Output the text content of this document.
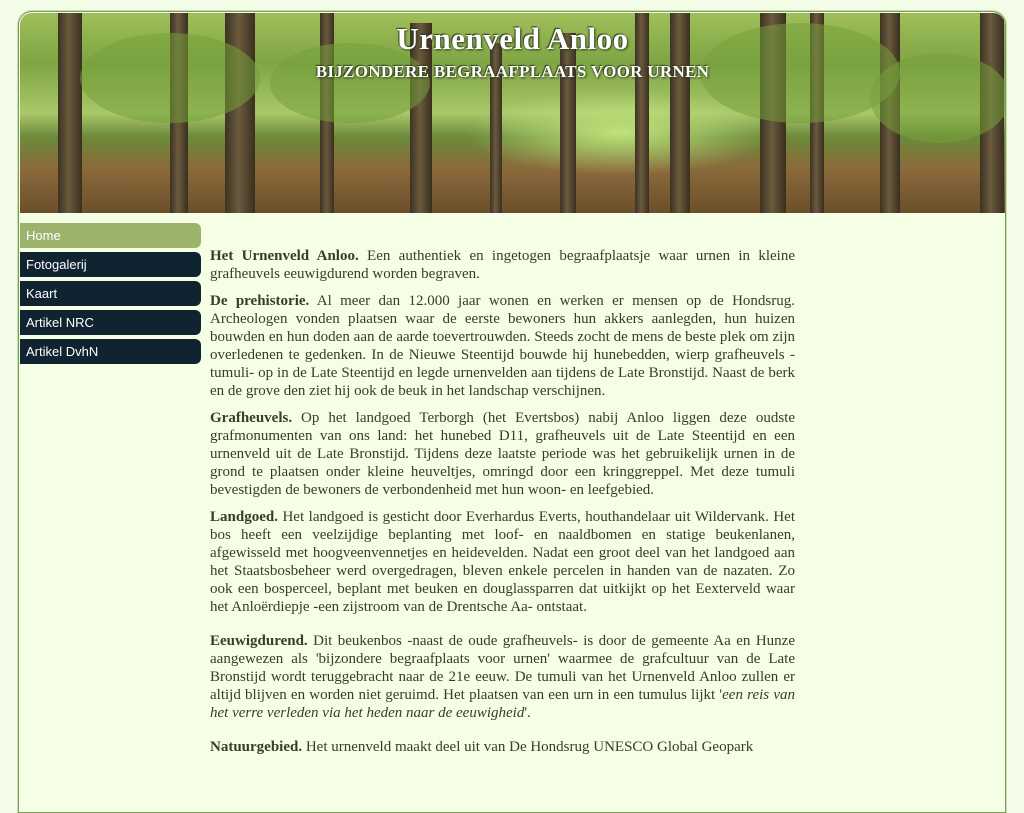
Urnenveld Anloo
BIJZONDERE BEGRAAFPLAATS VOOR URNEN
Home
Fotogalerij
Kaart
Artikel NRC
Artikel DvhN

Het Urnenveld Anloo. Een authentiek en ingetogen begraafplaatsje waar urnen in kleine grafheuvels eeuwigdurend worden begraven.

De prehistorie. Al meer dan 12.000 jaar wonen en werken er mensen op de Hondsrug. Archeologen vonden plaatsen waar de eerste bewoners hun akkers aanlegden, hun huizen bouwden en hun doden aan de aarde toevertrouwden. Steeds zocht de mens de beste plek om zijn overledenen te gedenken. In de Nieuwe Steentijd bouwde hij hunebedden, wierp grafheuvels -tumuli- op in de Late Steentijd en legde urnenvelden aan tijdens de Late Bronstijd. Naast de berk en de grove den ziet hij ook de beuk in het landschap verschijnen.

Grafheuvels. Op het landgoed Terborgh (het Evertsbos) nabij Anloo liggen deze oudste grafmonumenten van ons land: het hunebed D11, grafheuvels uit de Late Steentijd en een urnenveld uit de Late Bronstijd. Tijdens deze laatste periode was het gebruikelijk urnen in de grond te plaatsen onder kleine heuveltjes, omringd door een kringgreppel. Met deze tumuli bevestigden de bewoners de verbondenheid met hun woon- en leefgebied.

Landgoed. Het landgoed is gesticht door Everhardus Everts, houthandelaar uit Wildervank. Het bos heeft een veelzijdige beplanting met loof- en naaldbomen en statige beukenlanen, afgewisseld met hoogveenvennetjes en heidevelden. Nadat een groot deel van het landgoed aan het Staatsbosbeheer werd overgedragen, bleven enkele percelen in handen van de nazaten. Zo ook een bosperceel, beplant met beuken en douglassparren dat uitkijkt op het Eexterveld waar het Anloërdiepje -een zijstroom van de Drentsche Aa- ontstaat.

Eeuwigdurend. Dit beukenbos -naast de oude grafheuvels- is door de gemeente Aa en Hunze aangewezen als 'bijzondere begraafplaats voor urnen' waarmee de grafcultuur van de Late Bronstijd wordt teruggebracht naar de 21e eeuw. De tumuli van het Urnenveld Anloo zullen er altijd blijven en worden niet geruimd. Het plaatsen van een urn in een tumulus lijkt 'een reis van het verre verleden via het heden naar de eeuwigheid'.

Natuurgebied. Het urnenveld maakt deel uit van De Hondsrug UNESCO Global Geopark
